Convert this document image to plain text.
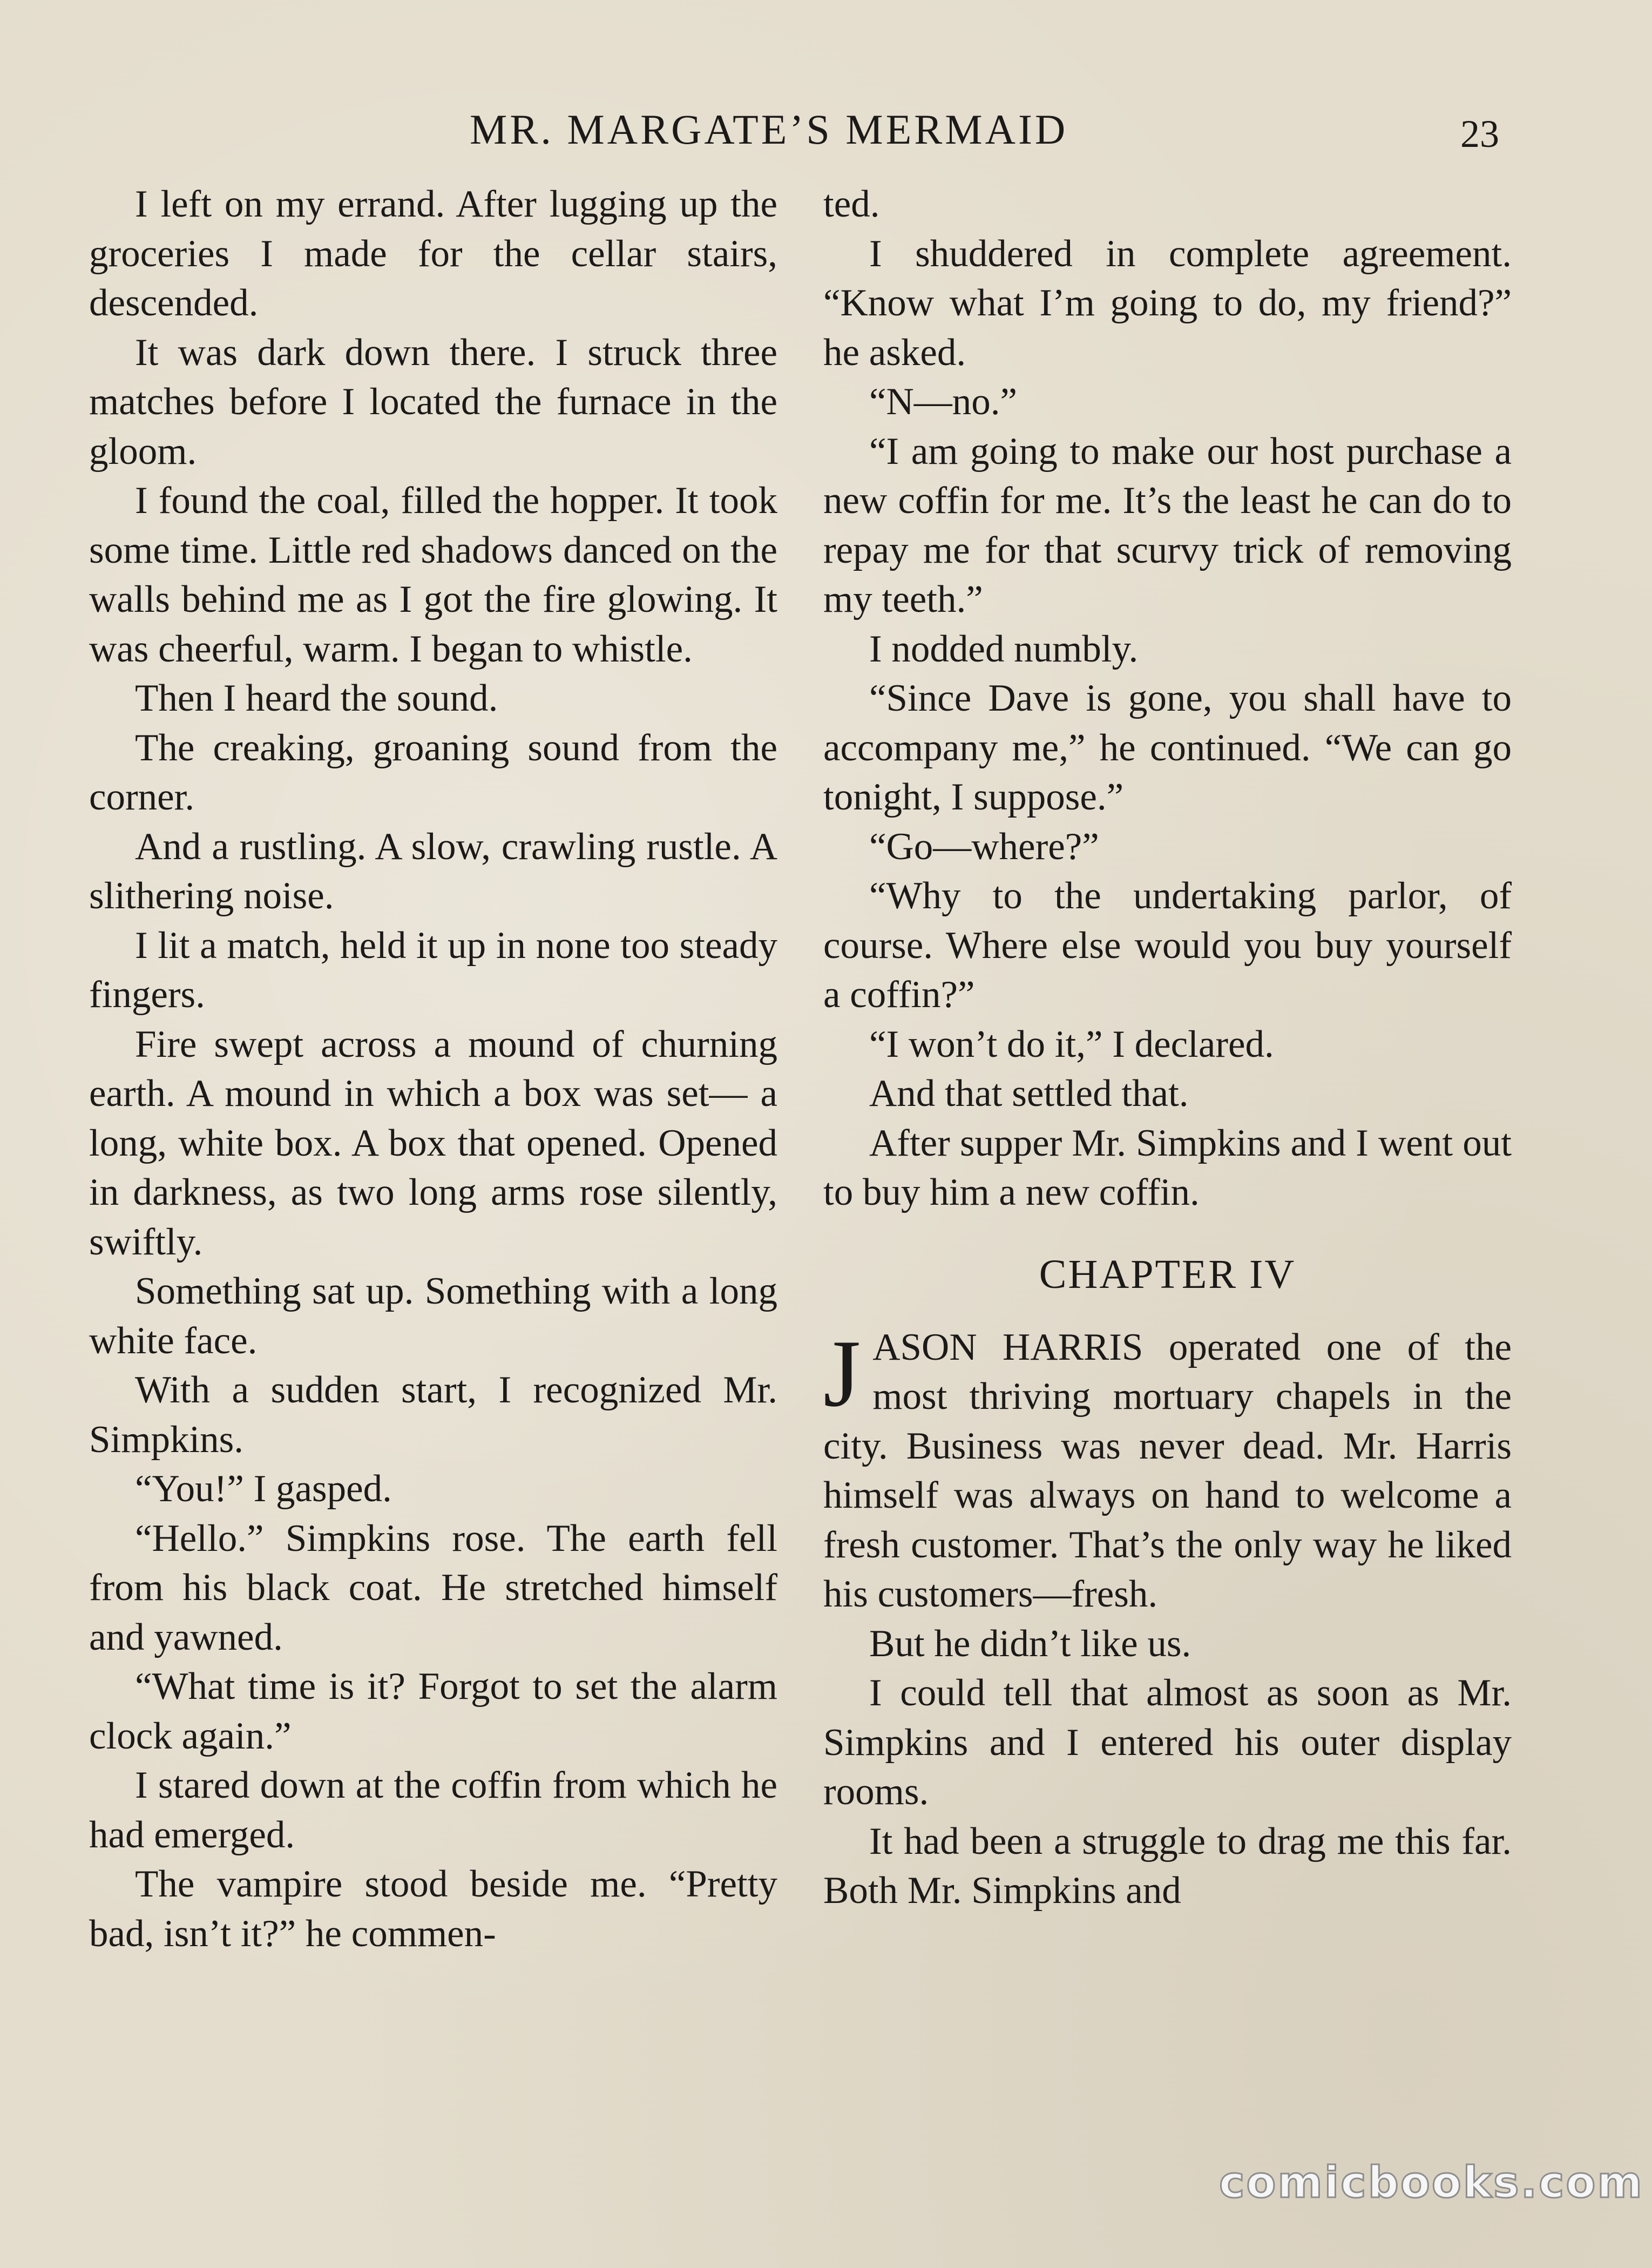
MR. MARGATE’S MERMAID	23

I left on my errand. After lugging up the groceries I made for the cellar stairs, descended.

It was dark down there. I struck three matches before I located the furnace in the gloom.

I found the coal, filled the hopper. It took some time. Little red shadows danced on the walls behind me as I got the fire glowing. It was cheerful, warm. I began to whistle.

Then I heard the sound.

The creaking, groaning sound from the corner.

And a rustling. A slow, crawling rustle. A slithering noise.

I lit a match, held it up in none too steady fingers.

Fire swept across a mound of churning earth. A mound in which a box was set— a long, white box. A box that opened. Opened in darkness, as two long arms rose silently, swiftly.

Something sat up. Something with a long white face.

With a sudden start, I recognized Mr. Simpkins.

“You!” I gasped.

“Hello.” Simpkins rose. The earth fell from his black coat. He stretched himself and yawned.

“What time is it? Forgot to set the alarm clock again.”

I stared down at the coffin from which he had emerged.

The vampire stood beside me. “Pretty bad, isn’t it?” he commen-

ted.

I shuddered in complete agreement. “Know what I’m going to do, my friend?” he asked.

“N—no.”

“I am going to make our host purchase a new coffin for me. It’s the least he can do to repay me for that scurvy trick of removing my teeth.”

I nodded numbly.

“Since Dave is gone, you shall have to accompany me,” he continued. “We can go tonight, I suppose.”

“Go—where?”

“Why to the undertaking parlor, of course. Where else would you buy yourself a coffin?”

“I won’t do it,” I declared.

And that settled that.

After supper Mr. Simpkins and I went out to buy him a new coffin.

CHAPTER IV

JASON HARRIS operated one of the most thriving mortuary chapels in the city. Business was never dead. Mr. Harris himself was always on hand to welcome a fresh customer. That’s the only way he liked his customers—fresh.

But he didn’t like us.

I could tell that almost as soon as Mr. Simpkins and I entered his outer display rooms.

It had been a struggle to drag me this far. Both Mr. Simpkins and

comicbooks.com
